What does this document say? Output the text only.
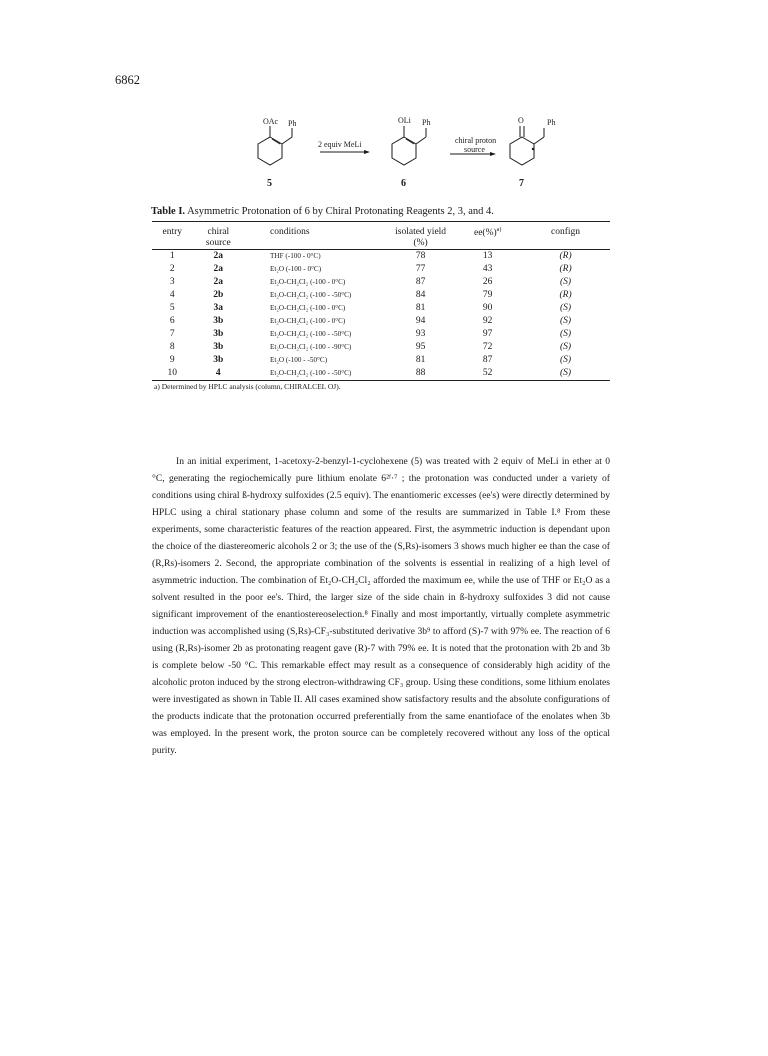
6862
OAc Ph
5
2 equiv MeLi
OLi Ph
6
chiral proton
source
O	Ph
7
Table I. Asymmetric Protonation of 6 by Chiral Protonating Reagents 2, 3, and 4.
entry	chiral	conditions	isolated yield	ee(%)$^{a)}$	confign
	source		(%)		
1	2a	THF (-100 - 0°C)	78	13	(R)
2	2a	Et₂O (-100 - 0°C)	77	43	(R)
3	2a	Et₂O-CH₂Cl₂ (-100 - 0°C)	87	26	(S)
4	2b	Et₂O-CH₂Cl₂ (-100 - -50°C)	84	79	(R)
5	3a	Et₂O-CH₂Cl₂ (-100 - 0°C)	81	90	(S)
6	3b	Et₂O-CH₂Cl₂ (-100 - 0°C)	94	92	(S)
7	3b	Et₂O-CH₂Cl₂ (-100 - -50°C)	93	97	(S)
8	3b	Et₂O-CH₂Cl₂ (-100 - -90°C)	95	72	(S)
9	3b	Et₂O (-100 - -50°C)	81	87	(S)
10	4	Et₂O-CH₂Cl₂ (-100 - -50°C)	88	52	(S)
a) Determined by HPLC analysis (column, CHIRALCEL OJ).

In an initial experiment, 1-acetoxy-2-benzyl-1-cyclohexene (5) was treated with 2 equiv of MeLi in ether at 0 °C, generating the regiochemically pure lithium enolate 6²ᶠ·⁷ ; the protonation was conducted under a variety of conditions using chiral ß-hydroxy sulfoxides (2.5 equiv). The enantiomeric excesses (ee's) were directly determined by HPLC using a chiral stationary phase column and some of the results are summarized in Table I.⁸ From these experiments, some characteristic features of the reaction appeared. First, the asymmetric induction is dependant upon the choice of the diastereomeric alcohols 2 or 3; the use of the (S,Rs)-isomers 3 shows much higher ee than the case of (R,Rs)-isomers 2. Second, the appropriate combination of the solvents is essential in realizing of a high level of asymmetric induction. The combination of Et₂O-CH₂Cl₂ afforded the maximum ee, while the use of THF or Et₂O as a solvent resulted in the poor ee's. Third, the larger size of the side chain in ß-hydroxy sulfoxides 3 did not cause significant improvement of the enantiostereoselection.⁸ Finally and most importantly, virtually complete asymmetric induction was accomplished using (S,Rs)-CF₃-substituted derivative 3b⁹ to afford (S)-7 with 97% ee. The reaction of 6 using (R,Rs)-isomer 2b as protonating reagent gave (R)-7 with 79% ee. It is noted that the protonation with 2b and 3b is complete below -50 °C. This remarkable effect may result as a consequence of considerably high acidity of the alcoholic proton induced by the strong electron-withdrawing CF₃ group. Using these conditions, some lithium enolates were investigated as shown in Table II. All cases examined show satisfactory results and the absolute configurations of the products indicate that the protonation occurred preferentially from the same enantioface of the enolates when 3b was employed. In the present work, the proton source can be completely recovered without any loss of the optical purity.
